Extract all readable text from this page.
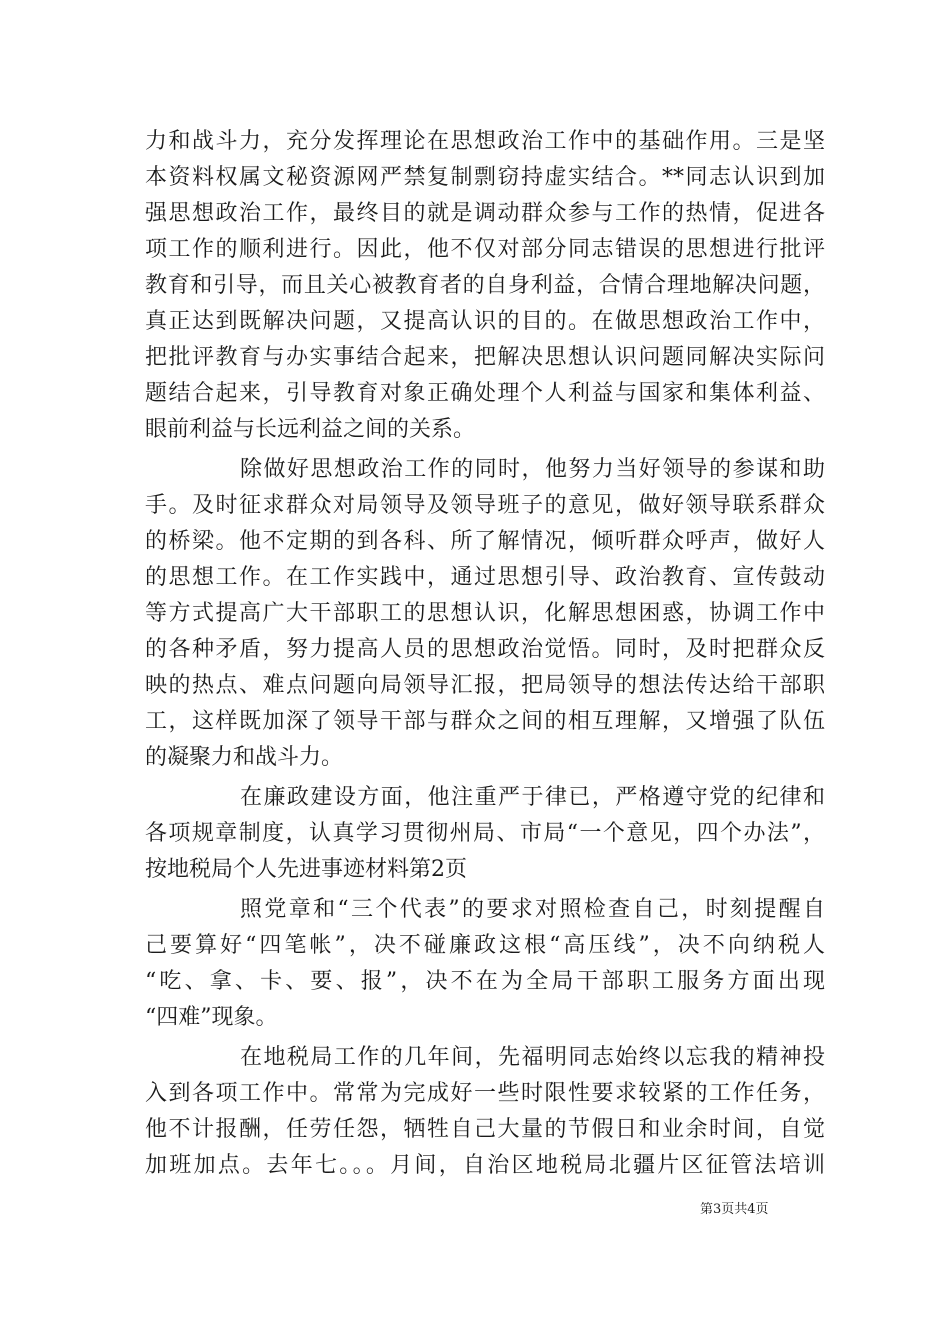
力和战斗力，充分发挥理论在思想政治工作中的基础作用。三是坚
本资料权属文秘资源网严禁复制剽窃持虚实结合。**同志认识到加
强思想政治工作，最终目的就是调动群众参与工作的热情，促进各
项工作的顺利进行。因此，他不仅对部分同志错误的思想进行批评
教育和引导，而且关心被教育者的自身利益，合情合理地解决问题，
真正达到既解决问题，又提高认识的目的。在做思想政治工作中，
把批评教育与办实事结合起来，把解决思想认识问题同解决实际问
题结合起来，引导教育对象正确处理个人利益与国家和集体利益、
眼前利益与长远利益之间的关系。
除做好思想政治工作的同时，他努力当好领导的参谋和助
手。及时征求群众对局领导及领导班子的意见，做好领导联系群众
的桥梁。他不定期的到各科、所了解情况，倾听群众呼声，做好人
的思想工作。在工作实践中，通过思想引导、政治教育、宣传鼓动
等方式提高广大干部职工的思想认识，化解思想困惑，协调工作中
的各种矛盾，努力提高人员的思想政治觉悟。同时，及时把群众反
映的热点、难点问题向局领导汇报，把局领导的想法传达给干部职
工，这样既加深了领导干部与群众之间的相互理解，又增强了队伍
的凝聚力和战斗力。
在廉政建设方面，他注重严于律已，严格遵守党的纪律和
各项规章制度，认真学习贯彻州局、市局“一个意见，四个办法”，
按地税局个人先进事迹材料第2页
照党章和“三个代表”的要求对照检查自己，时刻提醒自
己要算好“四笔帐”，决不碰廉政这根“高压线”，决不向纳税人
“吃、拿、卡、要、报”，决不在为全局干部职工服务方面出现
“四难”现象。
在地税局工作的几年间，先福明同志始终以忘我的精神投
入到各项工作中。常常为完成好一些时限性要求较紧的工作任务，
他不计报酬，任劳任怨，牺牲自己大量的节假日和业余时间，自觉
加班加点。去年七。。。月间，自治区地税局北疆片区征管法培训
第3页共4页
